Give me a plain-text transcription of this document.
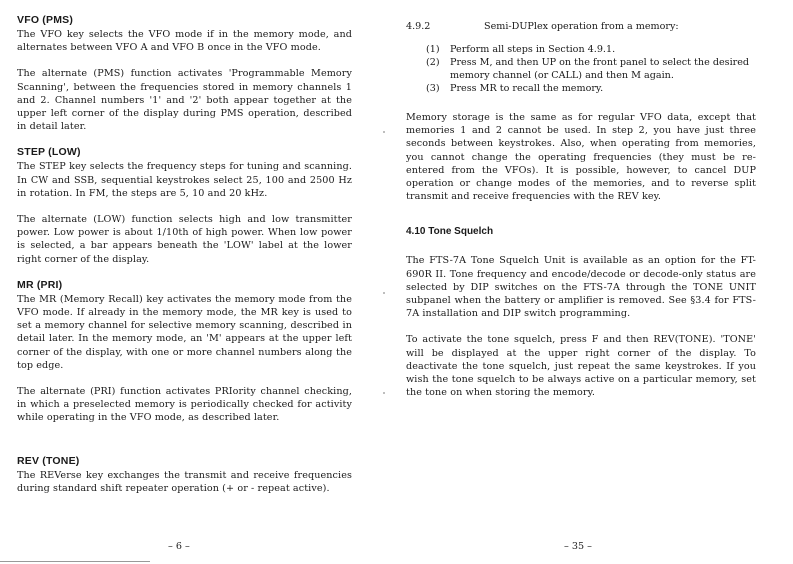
VFO (PMS)

The VFO key selects the VFO mode if in the memory mode, and alternates between VFO A and VFO B once in the VFO mode.

The alternate (PMS) function activates 'Programmable Memory Scanning', between the frequencies stored in memory channels 1 and 2. Channel numbers '1' and '2' both appear together at the upper left corner of the display during PMS operation, described in detail later.

STEP (LOW)

The STEP key selects the frequency steps for tuning and scanning. In CW and SSB, sequential keystrokes select 25, 100 and 2500 Hz in rotation. In FM, the steps are 5, 10 and 20 kHz.

The alternate (LOW) function selects high and low transmitter power. Low power is about 1/10th of high power. When low power is selected, a bar appears beneath the 'LOW' label at the lower right corner of the display.

MR (PRI)

The MR (Memory Recall) key activates the memory mode from the VFO mode. If already in the memory mode, the MR key is used to set a memory channel for selective memory scanning, described in detail later. In the memory mode, an 'M' appears at the upper left corner of the display, with one or more channel numbers along the top edge.

The alternate (PRI) function activates PRIority channel checking, in which a preselected memory is periodically checked for activity while operating in the VFO mode, as described later.

REV (TONE)

The REVerse key exchanges the transmit and receive frequencies during standard shift repeater operation (+ or - repeat active).

– 6 –
4.9.2	Semi-DUPlex operation from a memory:
(1)	Perform all steps in Section 4.9.1.
(2)	Press M, and then UP on the front panel to select the desired memory channel (or CALL) and then M again.
(3)	Press MR to recall the memory.

Memory storage is the same as for regular VFO data, except that memories 1 and 2 cannot be used. In step 2, you have just three seconds between keystrokes. Also, when operating from memories, you cannot change the operating frequencies (they must be re-entered from the VFOs). It is possible, however, to cancel DUP operation or change modes of the memories, and to reverse split transmit and receive frequencies with the REV key.

4.10 Tone Squelch

The FTS-7A Tone Squelch Unit is available as an option for the FT-690R II. Tone frequency and encode/decode or decode-only status are selected by DIP switches on the FTS-7A through the TONE UNIT subpanel when the battery or amplifier is removed. See §3.4 for FTS-7A installation and DIP switch programming.

To activate the tone squelch, press F and then REV(TONE). 'TONE' will be displayed at the upper right corner of the display. To deactivate the tone squelch, just repeat the same keystrokes. If you wish the tone squelch to be always active on a particular memory, set the tone on when storing the memory.

– 35 –
